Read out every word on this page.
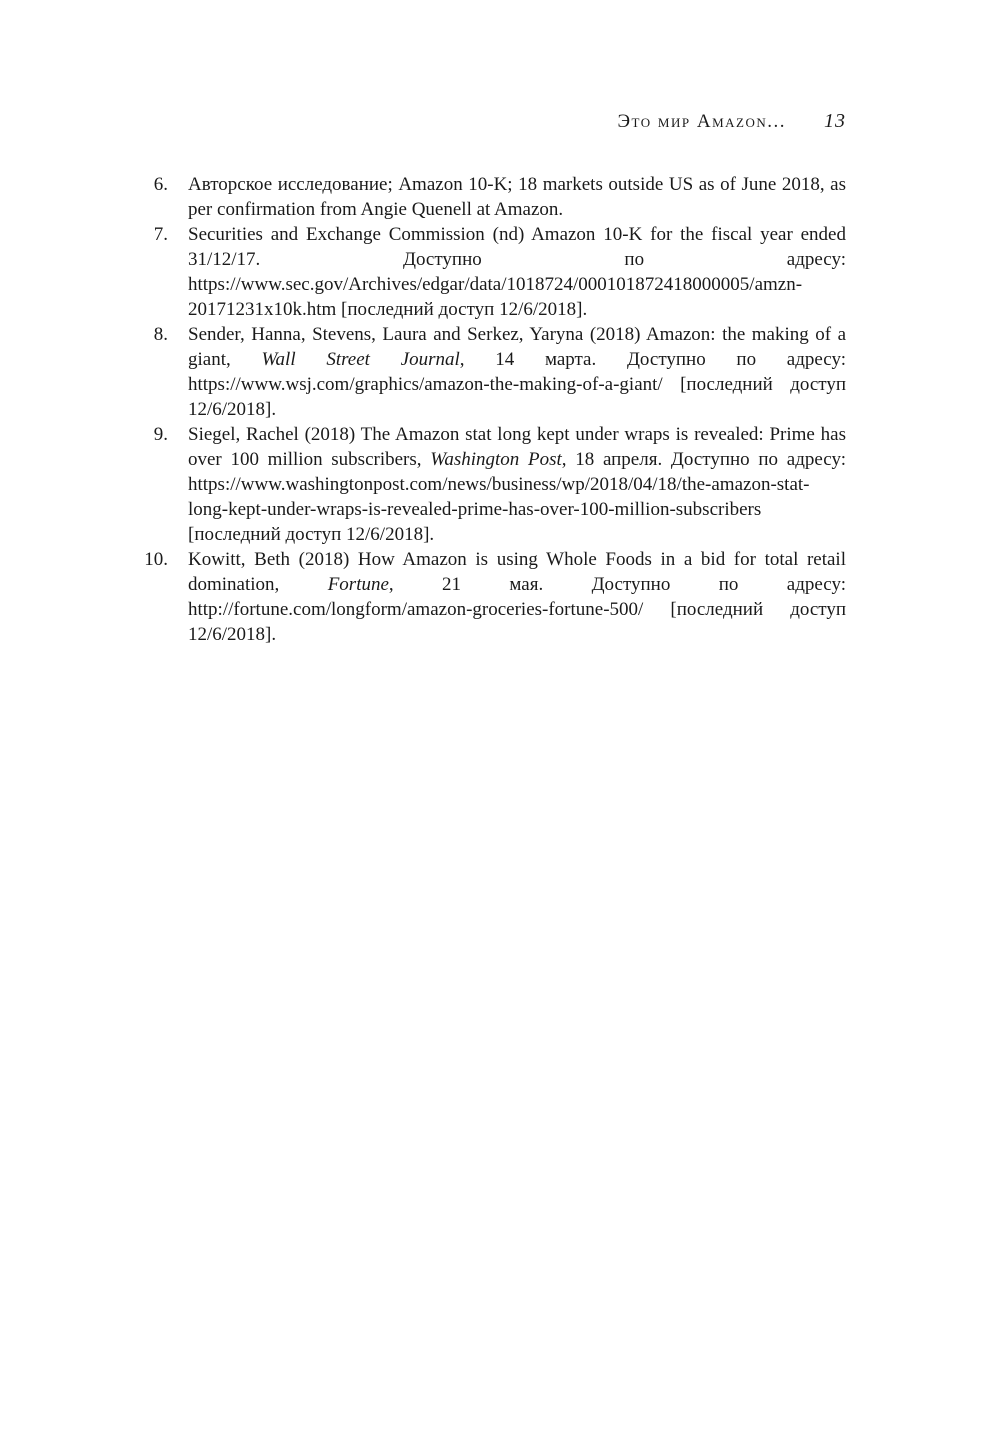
Это мир Amazon... 13
6. Авторское исследование; Amazon 10-K; 18 markets outside US as of June 2018, as per confirmation from Angie Quenell at Amazon.
7. Securities and Exchange Commission (nd) Amazon 10-K for the fiscal year ended 31/12/17. Доступно по адресу: https://www.sec.gov/Archives/edgar/data/1018724/000101872418000005/amzn-20171231x10k.htm [последний доступ 12/6/2018].
8. Sender, Hanna, Stevens, Laura and Serkez, Yaryna (2018) Amazon: the making of a giant, Wall Street Journal, 14 марта. Доступно по адресу: https://www.wsj.com/graphics/amazon-the-making-of-a-giant/ [последний доступ 12/6/2018].
9. Siegel, Rachel (2018) The Amazon stat long kept under wraps is revealed: Prime has over 100 million subscribers, Washington Post, 18 апреля. Доступно по адресу: https://www.washingtonpost.com/news/business/wp/2018/04/18/the-amazon-stat-long-kept-under-wraps-is-revealed-prime-has-over-100-million-subscribers [последний доступ 12/6/2018].
10. Kowitt, Beth (2018) How Amazon is using Whole Foods in a bid for total retail domination, Fortune, 21 мая. Доступно по адресу: http://fortune.com/longform/amazon-groceries-fortune-500/ [последний доступ 12/6/2018].
